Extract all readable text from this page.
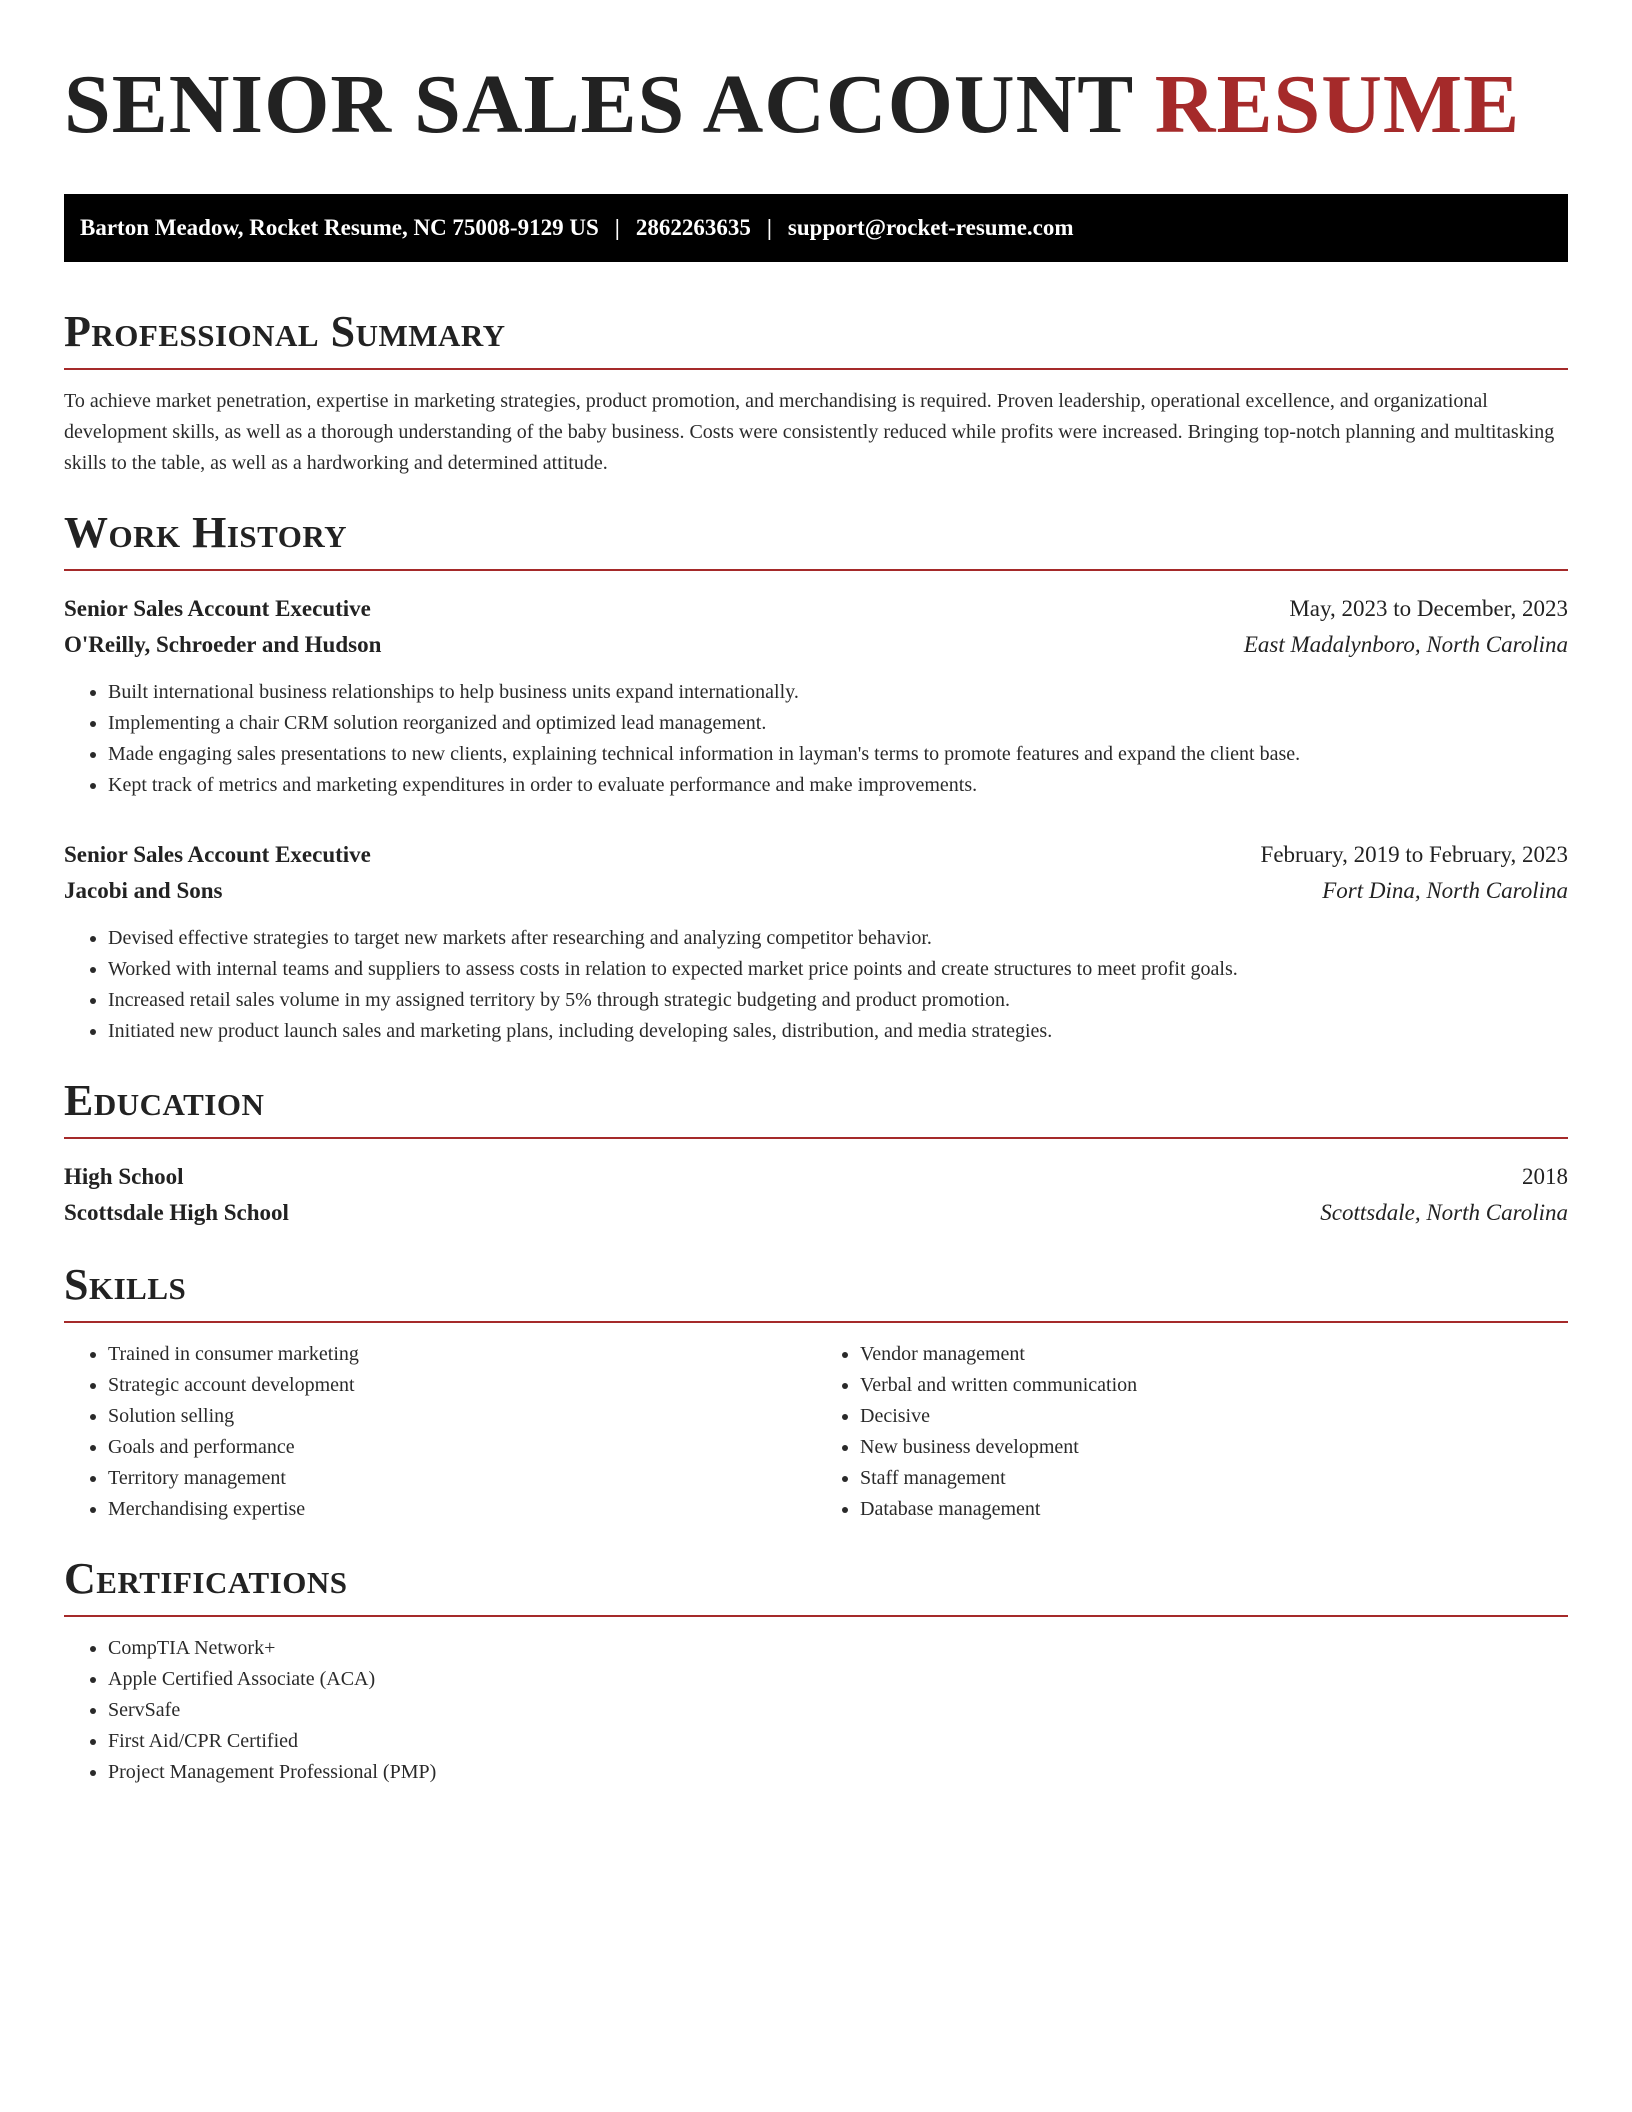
SENIOR SALES ACCOUNT RESUME
Barton Meadow, Rocket Resume, NC 75008-9129 US | 2862263635 | support@rocket-resume.com
Professional Summary

To achieve market penetration, expertise in marketing strategies, product promotion, and merchandising is required. Proven leadership, operational excellence, and organizational development skills, as well as a thorough understanding of the baby business. Costs were consistently reduced while profits were increased. Bringing top-notch planning and multitasking skills to the table, as well as a hardworking and determined attitude.

Work History
Senior Sales Account Executive	May, 2023 to December, 2023
O'Reilly, Schroeder and Hudson	East Madalynboro, North Carolina
• Built international business relationships to help business units expand internationally.
• Implementing a chair CRM solution reorganized and optimized lead management.
• Made engaging sales presentations to new clients, explaining technical information in layman's terms to promote features and expand the client base.
• Kept track of metrics and marketing expenditures in order to evaluate performance and make improvements.
Senior Sales Account Executive	February, 2019 to February, 2023
Jacobi and Sons	Fort Dina, North Carolina
• Devised effective strategies to target new markets after researching and analyzing competitor behavior.
• Worked with internal teams and suppliers to assess costs in relation to expected market price points and create structures to meet profit goals.
• Increased retail sales volume in my assigned territory by 5% through strategic budgeting and product promotion.
• Initiated new product launch sales and marketing plans, including developing sales, distribution, and media strategies.
Education
High School	2018
Scottsdale High School	Scottsdale, North Carolina
Skills
• Trained in consumer marketing
• Strategic account development
• Solution selling
• Goals and performance
• Territory management
• Merchandising expertise
• Vendor management
• Verbal and written communication
• Decisive
• New business development
• Staff management
• Database management
Certifications
• CompTIA Network+
• Apple Certified Associate (ACA)
• ServSafe
• First Aid/CPR Certified
• Project Management Professional (PMP)
